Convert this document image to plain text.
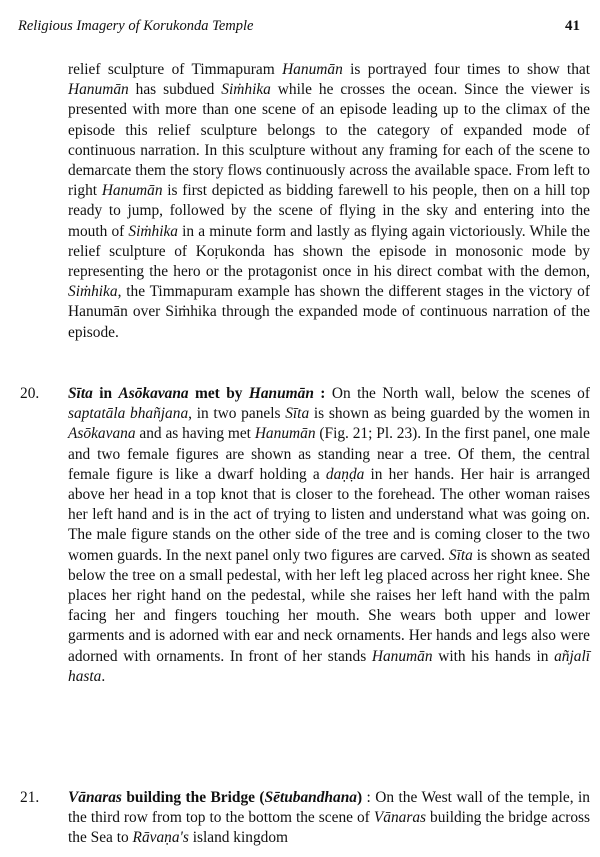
Religious Imagery of Korukonda Temple	41

relief sculpture of Timmapuram Hanumān is portrayed four times to show that Hanumān has subdued Siṁhika while he crosses the ocean. Since the viewer is presented with more than one scene of an episode leading up to the climax of the episode this relief sculpture belongs to the category of expanded mode of continuous narration. In this sculpture without any framing for each of the scene to demarcate them the story flows continuously across the available space. From left to right Hanumān is first depicted as bidding farewell to his people, then on a hill top ready to jump, followed by the scene of flying in the sky and entering into the mouth of Siṁhika in a minute form and lastly as flying again victoriously. While the relief sculpture of Koṛukonda has shown the episode in monosonic mode by representing the hero or the protagonist once in his direct combat with the demon, Siṁhika, the Timmapuram example has shown the different stages in the victory of Hanumān over Siṁhika through the expanded mode of continuous narration of the episode.

20.	Sīta in Asōkavana met by Hanumān : On the North wall, below the scenes of saptatāla bhañjana, in two panels Sīta is shown as being guarded by the women in Asōkavana and as having met Hanumān (Fig. 21; Pl. 23). In the first panel, one male and two female figures are shown as standing near a tree. Of them, the central female figure is like a dwarf holding a daṇḍa in her hands. Her hair is arranged above her head in a top knot that is closer to the forehead. The other woman raises her left hand and is in the act of trying to listen and understand what was going on. The male figure stands on the other side of the tree and is coming closer to the two women guards. In the next panel only two figures are carved. Sīta is shown as seated below the tree on a small pedestal, with her left leg placed across her right knee. She places her right hand on the pedestal, while she raises her left hand with the palm facing her and fingers touching her mouth. She wears both upper and lower garments and is adorned with ear and neck ornaments. Her hands and legs also were adorned with ornaments. In front of her stands Hanumān with his hands in añjalī hasta.
21.	Vānaras building the Bridge (Sētubandhana) : On the West wall of the temple, in the third row from top to the bottom the scene of Vānaras building the bridge across the Sea to Rāvaṇa's island kingdom
